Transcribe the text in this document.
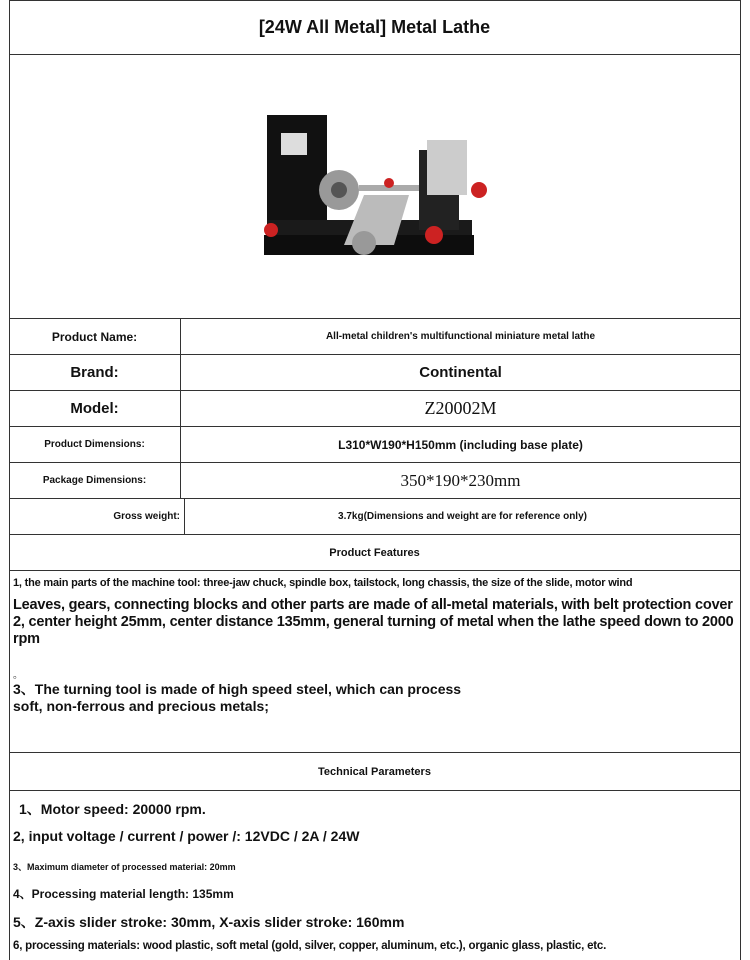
[24W All Metal] Metal Lathe
Product Name:	All-metal children's multifunctional miniature metal lathe
Brand:	Continental
Model:	Z20002M
Product Dimensions:	L310*W190*H150mm (including base plate)
Package Dimensions:	350*190*230mm
Gross weight:	3.7kg(Dimensions and weight are for reference only)
Product Features
1, the main parts of the machine tool: three-jaw chuck, spindle box, tailstock, long chassis, the size of the slide, motor wind
Leaves, gears, connecting blocks and other parts are made of all-metal materials, with belt protection cover 2, center height 25mm, center distance 135mm, general turning of metal when the lathe speed down to 2000 rpm
。
3、The turning tool is made of high speed steel, which can process
soft, non-ferrous and precious metals;
Technical Parameters
1、Motor speed: 20000 rpm.
2, input voltage / current / power /: 12VDC / 2A / 24W
3、Maximum diameter of processed material: 20mm
4、Processing material length: 135mm
5、Z-axis slider stroke: 30mm, X-axis slider stroke: 160mm
6, processing materials: wood plastic, soft metal (gold, silver, copper, aluminum, etc.), organic glass, plastic, etc.
